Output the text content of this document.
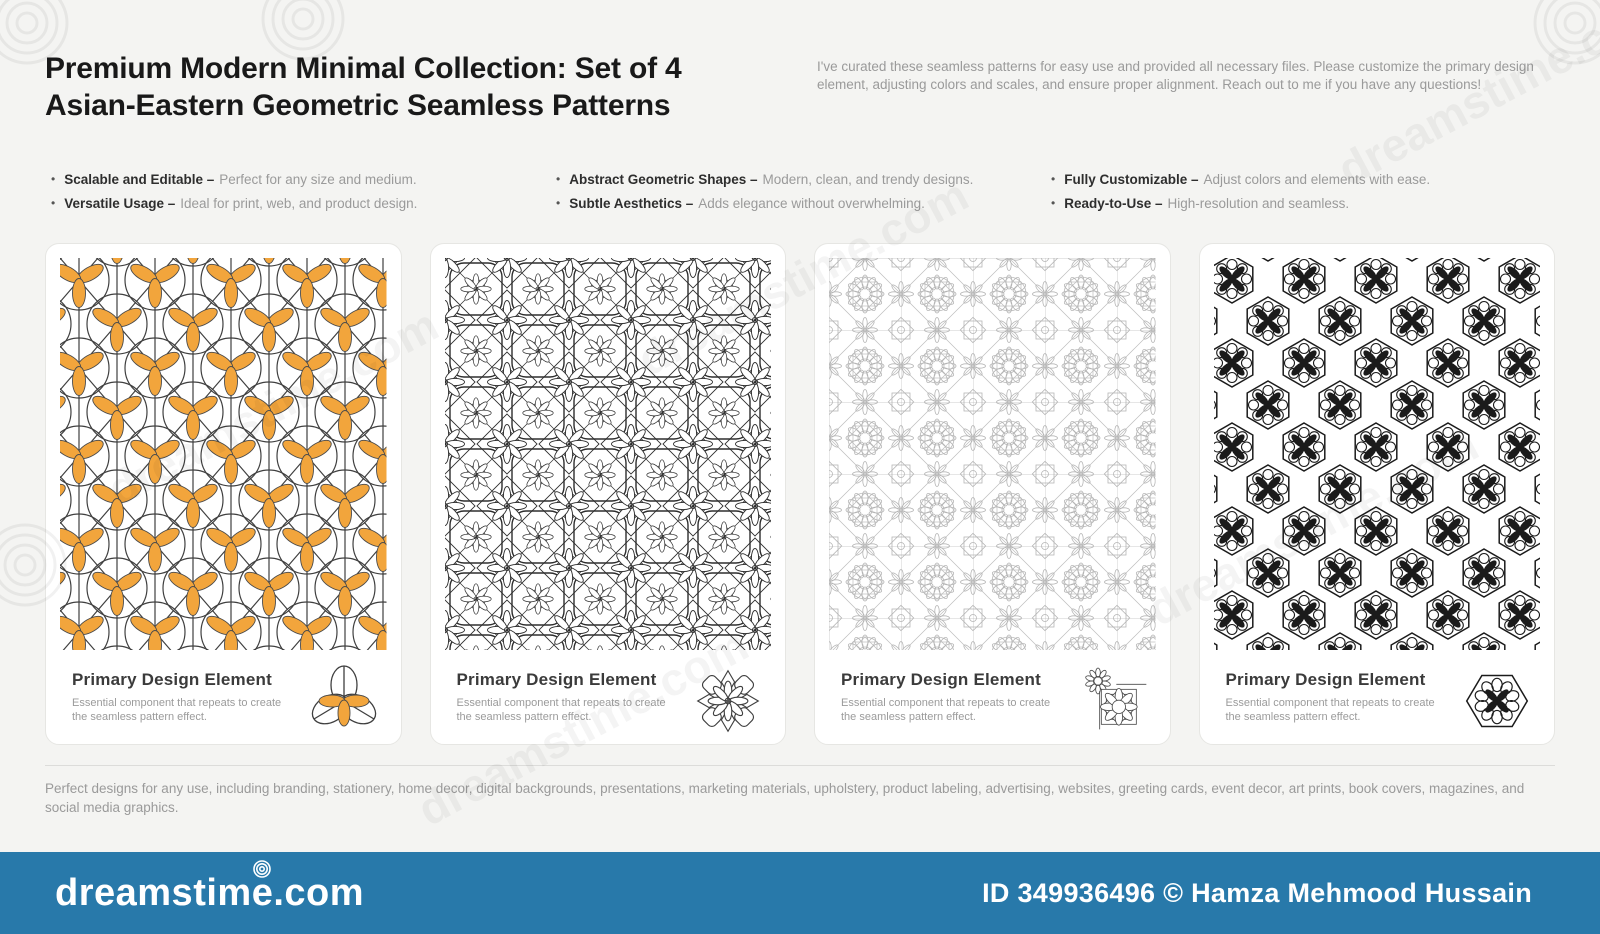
Premium Modern Minimal Collection: Set of 4
Asian-Eastern Geometric Seamless Patterns
I've curated these seamless patterns for easy use and provided all necessary files. Please customize the primary design element, adjusting colors and scales, and ensure proper alignment. Reach out to me if you have any questions!
• Scalable and Editable – Perfect for any size and medium.
• Versatile Usage – Ideal for print, web, and product design.
• Abstract Geometric Shapes – Modern, clean, and trendy designs.
• Subtle Aesthetics – Adds elegance without overwhelming.
• Fully Customizable – Adjust colors and elements with ease.
• Ready-to-Use – High-resolution and seamless.
Primary Design Element
Essential component that repeats to create the seamless pattern effect.
Primary Design Element
Essential component that repeats to create the seamless pattern effect.
Primary Design Element
Essential component that repeats to create the seamless pattern effect.
Primary Design Element
Essential component that repeats to create the seamless pattern effect.
Perfect designs for any use, including branding, stationery, home decor, digital backgrounds, presentations, marketing materials, upholstery, product labeling, advertising, websites, greeting cards, event decor, art prints, book covers, magazines, and social media graphics.
dreamstime.com	ID 349936496 © Hamza Mehmood Hussain
